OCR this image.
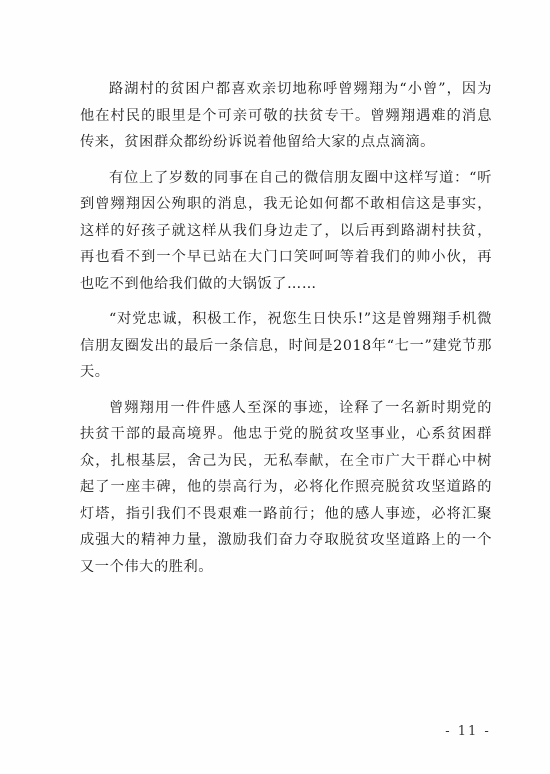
路湖村的贫困户都喜欢亲切地称呼曾翙翔为“小曾”，因为他在村民的眼里是个可亲可敬的扶贫专干。曾翙翔遇难的消息传来，贫困群众都纷纷诉说着他留给大家的点点滴滴。

有位上了岁数的同事在自己的微信朋友圈中这样写道：“听到曾翙翔因公殉职的消息，我无论如何都不敢相信这是事实，这样的好孩子就这样从我们身边走了，以后再到路湖村扶贫，再也看不到一个早已站在大门口笑呵呵等着我们的帅小伙，再也吃不到他给我们做的大锅饭了……

“对党忠诚，积极工作，祝您生日快乐!”这是曾翙翔手机微信朋友圈发出的最后一条信息，时间是2018年“七一”建党节那天。

曾翙翔用一件件感人至深的事迹，诠释了一名新时期党的扶贫干部的最高境界。他忠于党的脱贫攻坚事业，心系贫困群众，扎根基层，舍己为民，无私奉献，在全市广大干群心中树起了一座丰碑，他的崇高行为，必将化作照亮脱贫攻坚道路的灯塔，指引我们不畏艰难一路前行；他的感人事迹，必将汇聚成强大的精神力量，激励我们奋力夺取脱贫攻坚道路上的一个又一个伟大的胜利。

- 11 -
